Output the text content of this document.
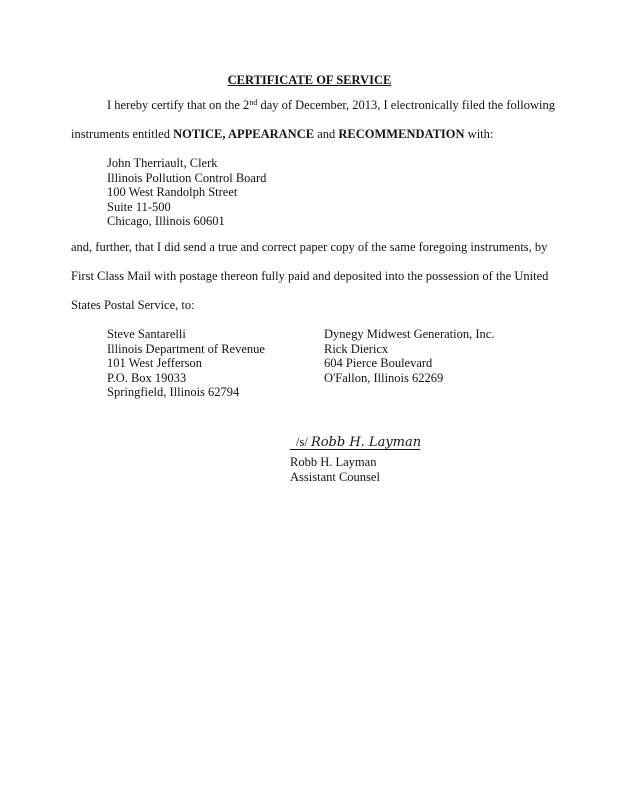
CERTIFICATE OF SERVICE
I hereby certify that on the 2nd day of December, 2013, I electronically filed the following
instruments entitled NOTICE, APPEARANCE and RECOMMENDATION with:
John Therriault, Clerk
Illinois Pollution Control Board
100 West Randolph Street
Suite 11-500
Chicago, Illinois 60601
and, further, that I did send a true and correct paper copy of the same foregoing instruments, by
First Class Mail with postage thereon fully paid and deposited into the possession of the United
States Postal Service, to:
Steve Santarelli
Illinois Department of Revenue
101 West Jefferson
P.O. Box 19033
Springfield, Illinois 62794
Dynegy Midwest Generation, Inc.
Rick Diericx
604 Pierce Boulevard
O'Fallon, Illinois 62269
/s/ Robb H. Layman
Robb H. Layman
Assistant Counsel
